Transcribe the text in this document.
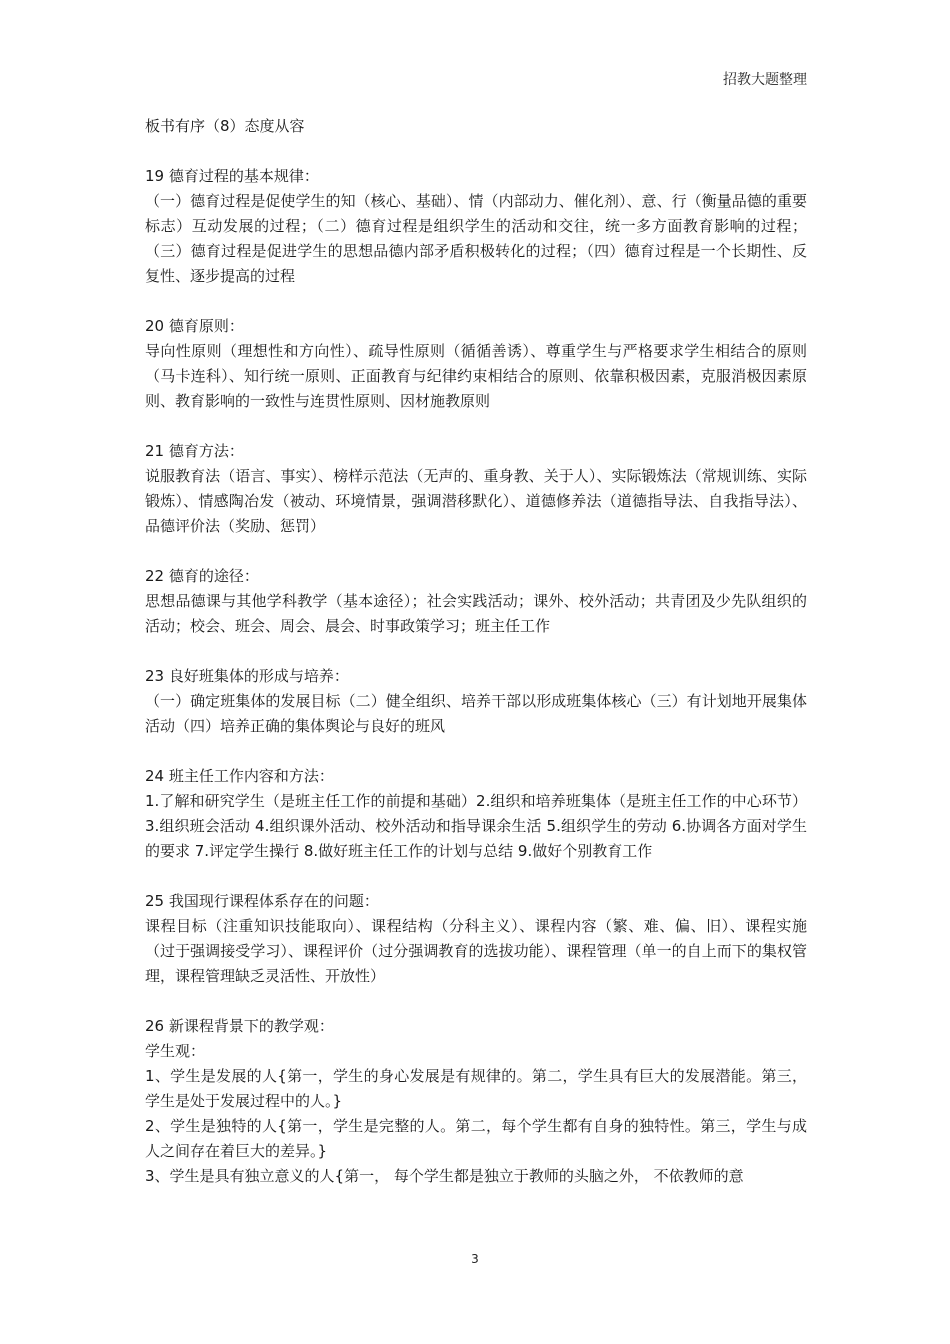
招教大题整理

板书有序（8）态度从容

19 德育过程的基本规律：

（一）德育过程是促使学生的知（核心、基础）、情（内部动力、催化剂）、意、行（衡量品德的重要标志）互动发展的过程；（二）德育过程是组织学生的活动和交往，统一多方面教育影响的过程；（三）德育过程是促进学生的思想品德内部矛盾积极转化的过程；（四）德育过程是一个长期性、反复性、逐步提高的过程

20 德育原则：

导向性原则（理想性和方向性）、疏导性原则（循循善诱）、尊重学生与严格要求学生相结合的原则（马卡连科）、知行统一原则、正面教育与纪律约束相结合的原则、依靠积极因素，克服消极因素原则、教育影响的一致性与连贯性原则、因材施教原则

21 德育方法：

说服教育法（语言、事实）、榜样示范法（无声的、重身教、关于人）、实际锻炼法（常规训练、实际锻炼）、情感陶冶发（被动、环境情景，强调潜移默化）、道德修养法（道德指导法、自我指导法）、品德评价法（奖励、惩罚）

22 德育的途径：

思想品德课与其他学科教学（基本途径）；社会实践活动；课外、校外活动；共青团及少先队组织的活动；校会、班会、周会、晨会、时事政策学习；班主任工作

23 良好班集体的形成与培养：

（一）确定班集体的发展目标（二）健全组织、培养干部以形成班集体核心（三）有计划地开展集体活动（四）培养正确的集体舆论与良好的班风

24 班主任工作内容和方法：

1.了解和研究学生（是班主任工作的前提和基础）2.组织和培养班集体（是班主任工作的中心环节）3.组织班会活动 4.组织课外活动、校外活动和指导课余生活 5.组织学生的劳动 6.协调各方面对学生的要求 7.评定学生操行 8.做好班主任工作的计划与总结 9.做好个别教育工作

25 我国现行课程体系存在的问题：

课程目标（注重知识技能取向）、课程结构（分科主义）、课程内容（繁、难、偏、旧）、课程实施（过于强调接受学习）、课程评价（过分强调教育的选拔功能）、课程管理（单一的自上而下的集权管理，课程管理缺乏灵活性、开放性）

26 新课程背景下的教学观：

学生观：

1、学生是发展的人{第一，学生的身心发展是有规律的。第二，学生具有巨大的发展潜能。第三，学生是处于发展过程中的人。}

2、学生是独特的人{第一，学生是完整的人。第二，每个学生都有自身的独特性。第三，学生与成人之间存在着巨大的差异。}

3、学生是具有独立意义的人{第一， 每个学生都是独立于教师的头脑之外， 不依教师的意

3
